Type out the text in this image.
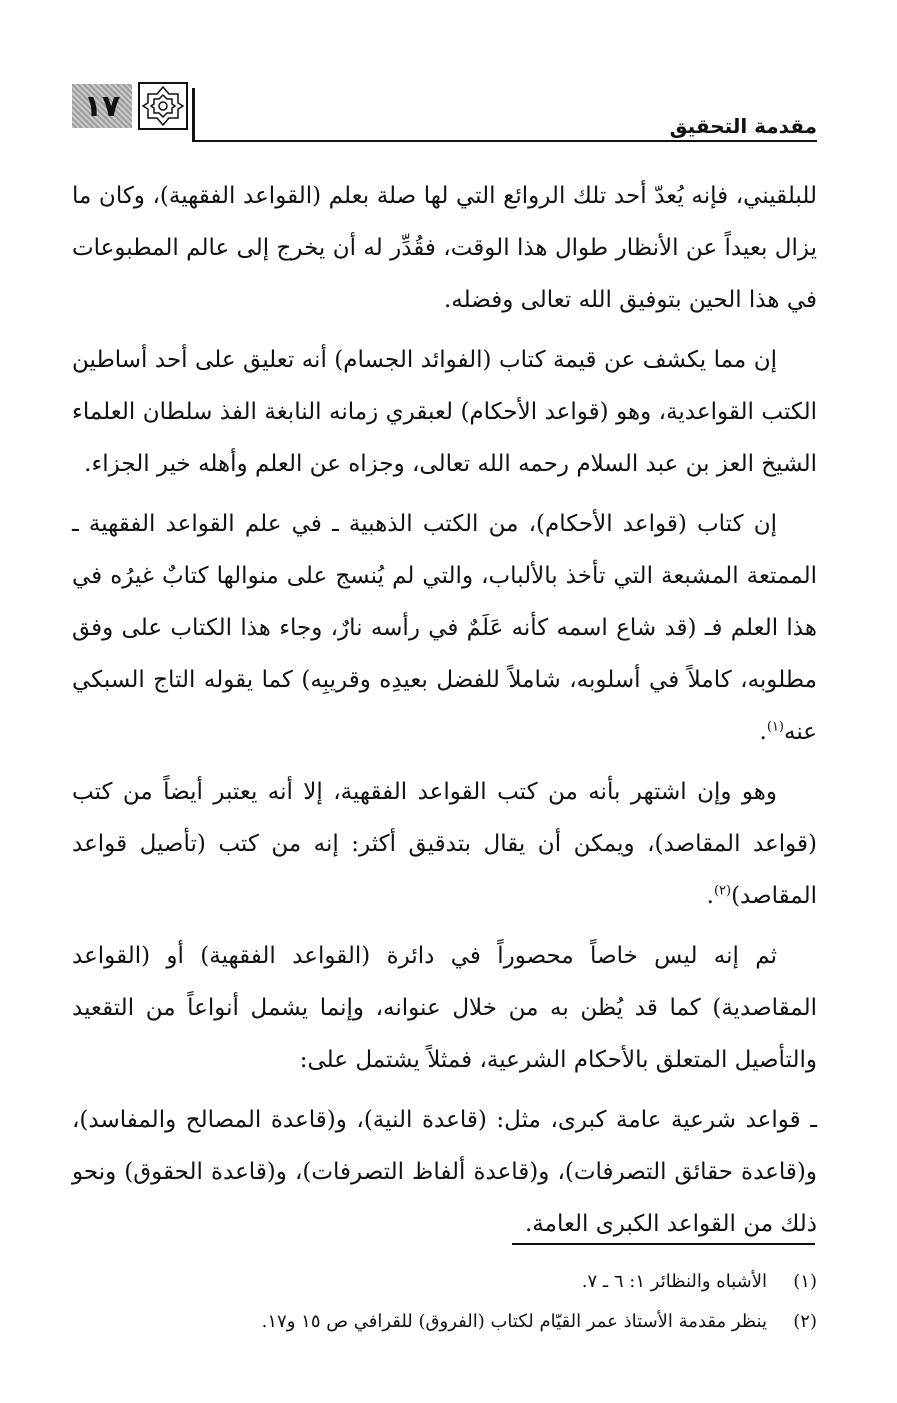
١٧
مقدمة التحقيق

للبلقيني، فإنه يُعدّ أحد تلك الروائع التي لها صلة بعلم (القواعد الفقهية)، وكان ما يزال بعيداً عن الأنظار طوال هذا الوقت، فقُدِّر له أن يخرج إلى عالم المطبوعات في هذا الحين بتوفيق الله تعالى وفضله.

إن مما يكشف عن قيمة كتاب (الفوائد الجسام) أنه تعليق على أحد أساطين الكتب القواعدية، وهو (قواعد الأحكام) لعبقري زمانه النابغة الفذ سلطان العلماء الشيخ العز بن عبد السلام رحمه الله تعالى، وجزاه عن العلم وأهله خير الجزاء.

إن كتاب (قواعد الأحكام)، من الكتب الذهبية ـ في علم القواعد الفقهية ـ الممتعة المشبعة التي تأخذ بالألباب، والتي لم يُنسج على منوالها كتابٌ غيرُه في هذا العلم فـ (قد شاع اسمه كأنه عَلَمٌ في رأسه نارٌ، وجاء هذا الكتاب على وفق مطلوبه، كاملاً في أسلوبه، شاملاً للفضل بعيدِه وقريبِه) كما يقوله التاج السبكي عنه$^{(١)}$.

وهو وإن اشتهر بأنه من كتب القواعد الفقهية، إلا أنه يعتبر أيضاً من كتب (قواعد المقاصد)، ويمكن أن يقال بتدقيق أكثر: إنه من كتب (تأصيل قواعد المقاصد)$^{(٢)}$.

ثم إنه ليس خاصاً محصوراً في دائرة (القواعد الفقهية) أو (القواعد المقاصدية) كما قد يُظن به من خلال عنوانه، وإنما يشمل أنواعاً من التقعيد والتأصيل المتعلق بالأحكام الشرعية، فمثلاً يشتمل على:

ـ قواعد شرعية عامة كبرى، مثل: (قاعدة النية)، و(قاعدة المصالح والمفاسد)، و(قاعدة حقائق التصرفات)، و(قاعدة ألفاظ التصرفات)، و(قاعدة الحقوق) ونحو ذلك من القواعد الكبرى العامة.

(١)
الأشباه والنظائر ١: ٦ ـ ٧.
(٢)
ينظر مقدمة الأستاذ عمر القيّام لكتاب (الفروق) للقرافي ص ١٥ و١٧.
